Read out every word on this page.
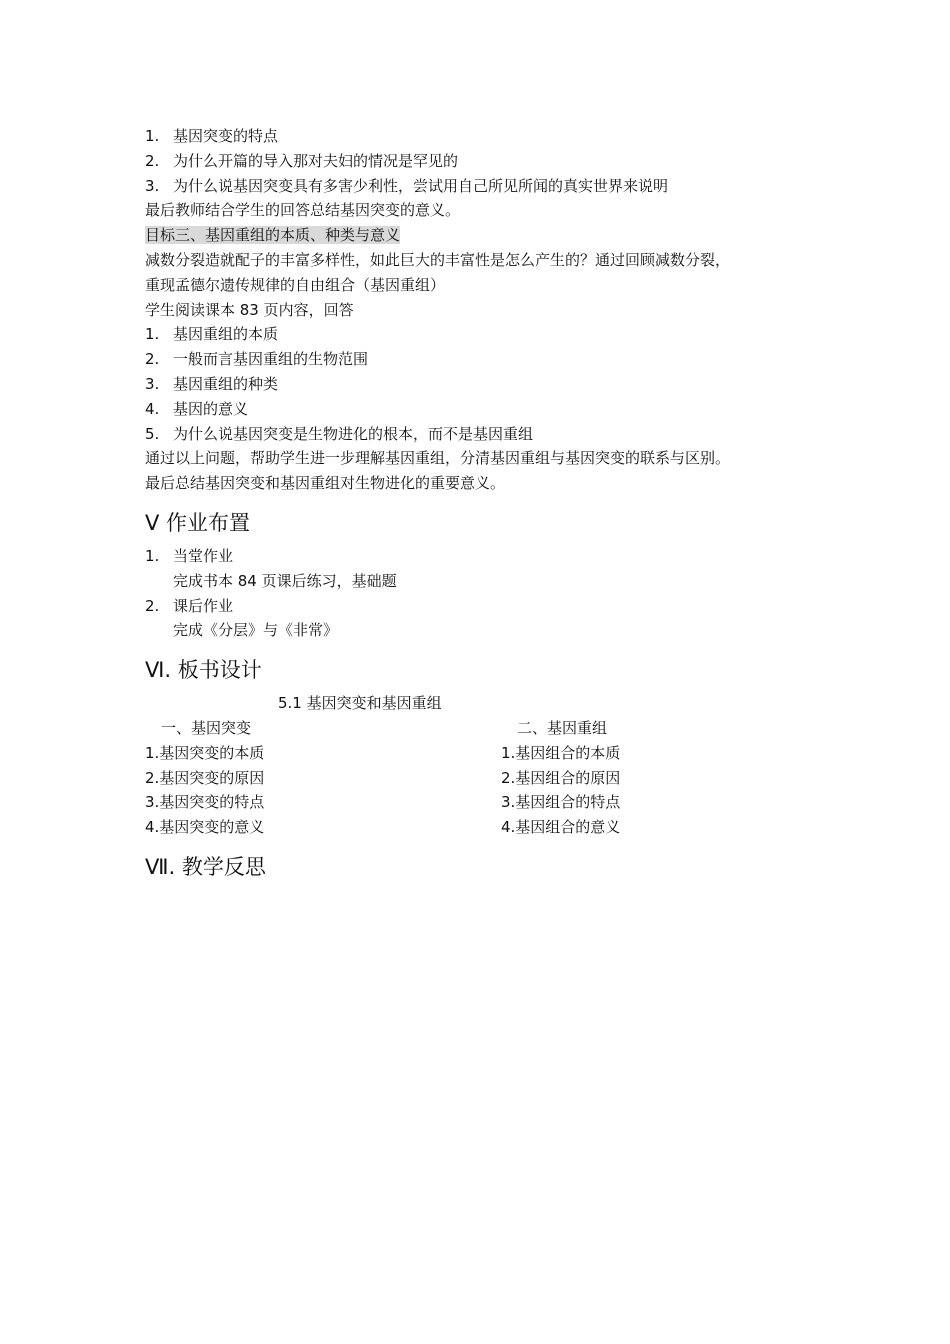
1. 基因突变的特点
2. 为什么开篇的导入那对夫妇的情况是罕见的
3. 为什么说基因突变具有多害少利性，尝试用自己所见所闻的真实世界来说明
最后教师结合学生的回答总结基因突变的意义。
目标三、基因重组的本质、种类与意义
减数分裂造就配子的丰富多样性，如此巨大的丰富性是怎么产生的？通过回顾减数分裂，
重现孟德尔遗传规律的自由组合（基因重组）
学生阅读课本 83 页内容，回答
1. 基因重组的本质
2. 一般而言基因重组的生物范围
3. 基因重组的种类
4. 基因的意义
5. 为什么说基因突变是生物进化的根本，而不是基因重组
通过以上问题，帮助学生进一步理解基因重组，分清基因重组与基因突变的联系与区别。
最后总结基因突变和基因重组对生物进化的重要意义。
Ⅴ 作业布置
1. 当堂作业
完成书本 84 页课后练习，基础题
2. 课后作业
完成《分层》与《非常》
Ⅵ. 板书设计
5.1 基因突变和基因重组
一、基因突变
1.基因突变的本质
2.基因突变的原因
3.基因突变的特点
4.基因突变的意义
二、基因重组
1.基因组合的本质
2.基因组合的原因
3.基因组合的特点
4.基因组合的意义
Ⅶ. 教学反思
